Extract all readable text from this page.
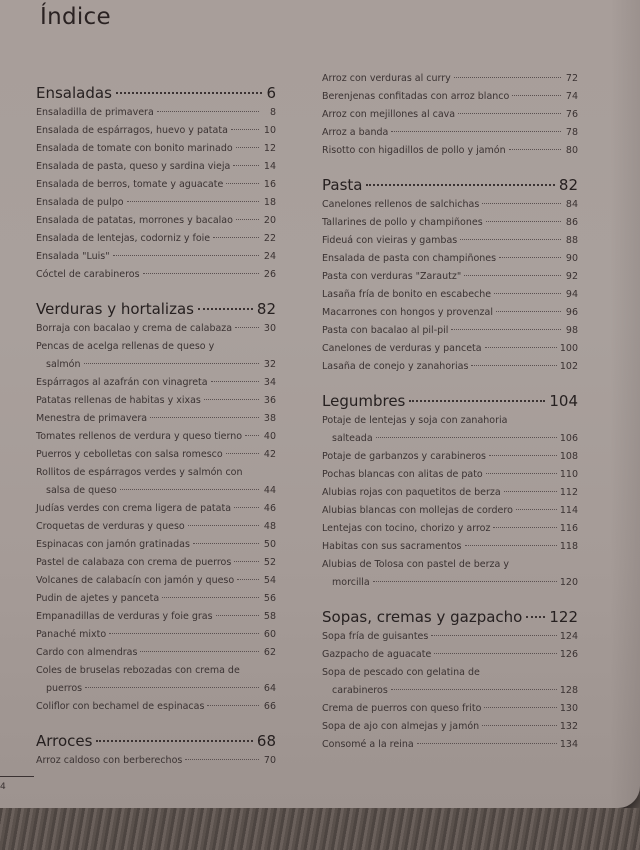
Índice
Ensaladas	6
Ensaladilla de primavera	8
Ensalada de espárragos, huevo y patata	10
Ensalada de tomate con bonito marinado	12
Ensalada de pasta, queso y sardina vieja	14
Ensalada de berros, tomate y aguacate	16
Ensalada de pulpo	18
Ensalada de patatas, morrones y bacalao	20
Ensalada de lentejas, codorniz y foie	22
Ensalada "Luis"	24
Cóctel de carabineros	26
Verduras y hortalizas	82
Borraja con bacalao y crema de calabaza	30
Pencas de acelga rellenas de queso y
salmón	32
Espárragos al azafrán con vinagreta	34
Patatas rellenas de habitas y xixas	36
Menestra de primavera	38
Tomates rellenos de verdura y queso tierno 40
Puerros y cebolletas con salsa romesco	42
Rollitos de espárragos verdes y salmón con
salsa de queso	44
Judías verdes con crema ligera de patata	46
Croquetas de verduras y queso	48
Espinacas con jamón gratinadas	50
Pastel de calabaza con crema de puerros	52
Volcanes de calabacín con jamón y queso	54
Pudin de ajetes y panceta	56
Empanadillas de verduras y foie gras	58
Panaché mixto	60
Cardo con almendras	62
Coles de bruselas rebozadas con crema de
puerros	64
Coliflor con bechamel de espinacas	66
Arroces	68
Arroz caldoso con berberechos	70
Arroz con verduras al curry	72
Berenjenas confitadas con arroz blanco	74
Arroz con mejillones al cava	76
Arroz a banda	78
Risotto con higadillos de pollo y jamón	80
Pasta	82
Canelones rellenos de salchichas	84
Tallarines de pollo y champiñones	86
Fideuá con vieiras y gambas	88
Ensalada de pasta con champiñones	90
Pasta con verduras "Zarautz"	92
Lasaña fría de bonito en escabeche	94
Macarrones con hongos y provenzal	96
Pasta con bacalao al pil-pil	98
Canelones de verduras y panceta	100
Lasaña de conejo y zanahorias	102
Legumbres	104
Potaje de lentejas y soja con zanahoria
salteada	106
Potaje de garbanzos y carabineros	108
Pochas blancas con alitas de pato	110
Alubias rojas con paquetitos de berza	112
Alubias blancas con mollejas de cordero	114
Lentejas con tocino, chorizo y arroz	116
Habitas con sus sacramentos	118
Alubias de Tolosa con pastel de berza y
morcilla	120
Sopas, cremas y gazpacho 122
Sopa fría de guisantes	124
Gazpacho de aguacate	126
Sopa de pescado con gelatina de
carabineros	128
Crema de puerros con queso frito	130
Sopa de ajo con almejas y jamón	132
Consomé a la reina	134
4
